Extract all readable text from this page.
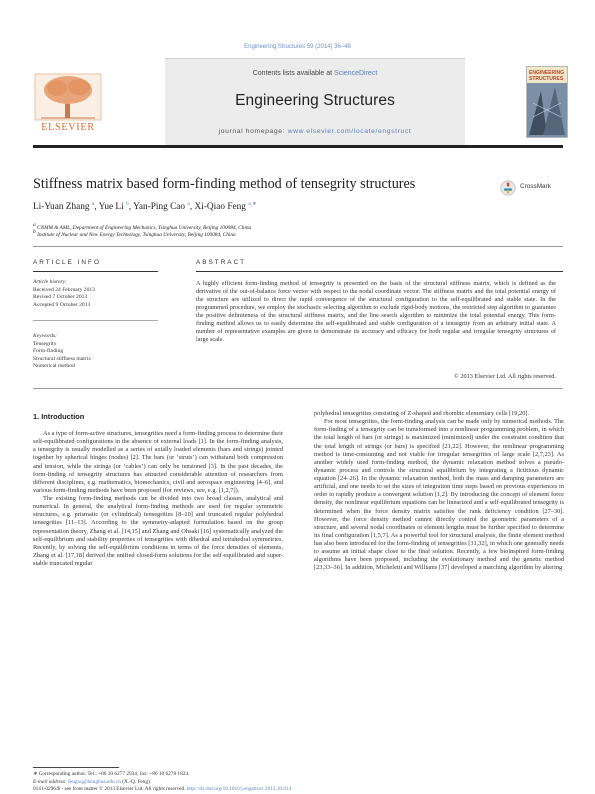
Engineering Structures 59 (2014) 36–48
Contents lists available at ScienceDirect
Engineering Structures
journal homepage: www.elsevier.com/locate/engstruct
ELSEVIER
ENGINEERING STRUCTURES
Stiffness matrix based form-finding method of tensegrity structures	CrossMark
Li-Yuan Zhang $^a$, Yue Li $^b$, Yan-Ping Cao $^a$, Xi-Qiao Feng $^{a,∗}$
a CNMM & AML, Department of Engineering Mechanics, Tsinghua University, Beijing 100084, China
b Institute of Nuclear and New Energy Technology, Tsinghua University, Beijing 100084, China
ARTICLE INFO	ABSTRACT
Article history:
Received 24 February 2013
Revised 7 October 2013
Accepted 9 October 2013
Keywords:
Tensegrity
Form-finding
Structural stiffness matrix
Numerical method
A highly efficient form-finding method of tensegrity is presented on the basis of the structural stiffness matrix, which is defined as the derivative of the out-of-balance force vector with respect to the nodal coordinate vector. The stiffness matrix and the total potential energy of the structure are utilized to direct the rapid convergence of the structural configuration to the self-equilibrated and stable state. In the programmed procedure, we employ the stochastic selecting algorithm to exclude rigid-body motions, the restricted step algorithm to guarantee the positive definiteness of the structural stiffness matrix, and the line search algorithm to minimize the total potential energy. This form-finding method allows us to easily determine the self-equilibrated and stable configuration of a tensegrity from an arbitrary initial state. A number of representative examples are given to demonstrate its accuracy and efficacy for both regular and irregular tensegrity structures of large scale.
© 2013 Elsevier Ltd. All rights reserved.
1. Introduction

As a type of form-active structures, tensegrities need a form-finding process to determine their self-equilibrated configurations in the absence of external loads [1]. In the form-finding analysis, a tensegrity is usually modelled as a series of axially loaded elements (bars and strings) jointed together by spherical hinges (nodes) [2]. The bars (or ‘struts’) can withstand both compression and tension, while the strings (or ‘cables’) can only be tensioned [3]. In the past decades, the form-finding of tensegrity structures has attracted considerable attention of researchers from different disciplines, e.g. mathematics, biomechanics, civil and aerospace engineering [4–6], and various form-finding methods have been proposed (for reviews, see, e.g. [1,2,7]).

The existing form-finding methods can be divided into two broad classes, analytical and numerical. In general, the analytical form-finding methods are used for regular symmetric structures, e.g. prismatic (or cylindrical) tensegrities [8–10] and truncated regular polyhedral tensegrities [11–13]. According to the symmetry-adapted formulation based on the group representation theory, Zhang et al. [14,15] and Zhang and Ohsaki [16] systematically analyzed the self-equilibrium and stability properties of tensegrities with dihedral and tetrahedral symmetries. Recently, by solving the self-equilibrium conditions in terms of the force densities of elements, Zhang et al. [17,18] derived the unified closed-form solutions for the self-equilibrated and super-stable truncated regular

polyhedral tensegrities consisting of Z-shaped and rhombic elementary cells [19,20].

For most tensegrities, the form-finding analysis can be made only by numerical methods. The form-finding of a tensegrity can be transformed into a nonlinear programming problem, in which the total length of bars (or strings) is maximized (minimized) under the constraint condition that the total length of strings (or bars) is specified [21,22]. However, the nonlinear programming method is time-consuming and not viable for irregular tensegrities of large scale [2,7,23]. As another widely used form-finding method, the dynamic relaxation method solves a pseudo-dynamic process and controls the structural equilibrium by integrating a fictitious dynamic equation [24–26]. In the dynamic relaxation method, both the mass and damping parameters are artificial, and one needs to set the sizes of integration time steps based on previous experiences in order to rapidly produce a convergent solution [1,2]. By introducing the concept of element force density, the nonlinear equilibrium equations can be linearized and a self-equilibrated tensegrity is determined when the force density matrix satisfies the rank deficiency condition [27–30]. However, the force density method cannot directly control the geometric parameters of a structure, and several nodal coordinates or element lengths must be further specified to determine its final configuration [1,5,7]. As a powerful tool for structural analysis, the finite element method has also been introduced for the form-finding of tensegrities [31,32], in which one generally needs to assume an initial shape close to the final solution. Recently, a few bioinspired form-finding algorithms have been proposed, including the evolutionary method and the genetic method [23,33–36]. In addition, Micheletti and Williams [37] developed a marching algorithm by altering

∗ Corresponding author. Tel.: +86 10 6277 2934; fax: +86 10 6278 1824.
E-mail address: fengxq@tsinghua.edu.cn (X.-Q. Feng).
0141-0296/$ - see front matter © 2013 Elsevier Ltd. All rights reserved. http://dx.doi.org/10.1016/j.engstruct.2013.10.014
